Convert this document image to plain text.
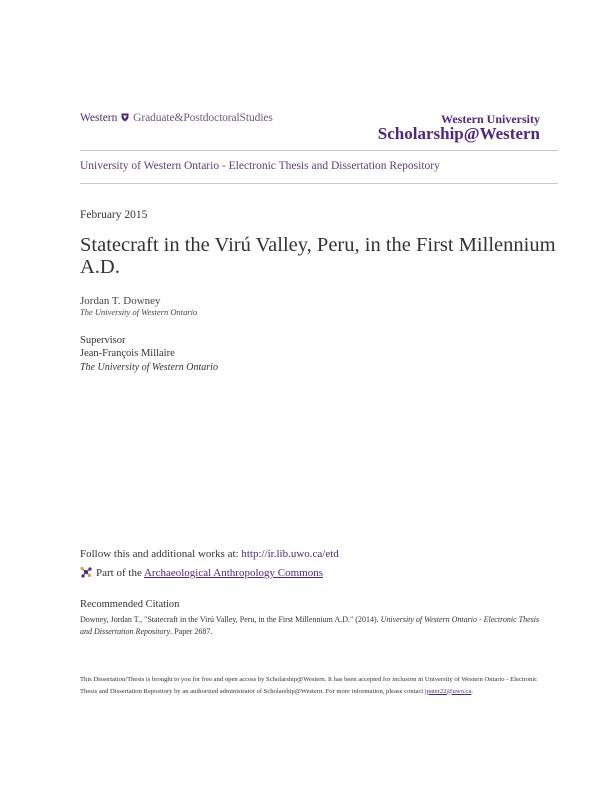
Western Graduate&PostdoctoralStudies	Western University
Scholarship@Western
University of Western Ontario - Electronic Thesis and Dissertation Repository
February 2015
Statecraft in the Virú Valley, Peru, in the First Millennium A.D.
Jordan T. Downey
The University of Western Ontario
Supervisor
Jean-François Millaire
The University of Western Ontario
Follow this and additional works at: http://ir.lib.uwo.ca/etd
Part of the Archaeological Anthropology Commons
Recommended Citation
Downey, Jordan T., "Statecraft in the Virú Valley, Peru, in the First Millennium A.D." (2014). University of Western Ontario - Electronic Thesis and Dissertation Repository. Paper 2687.
This Dissertation/Thesis is brought to you for free and open access by Scholarship@Western. It has been accepted for inclusion in University of Western Ontario - Electronic Thesis and Dissertation Repository by an authorized administrator of Scholarship@Western. For more information, please contact jpater22@uwo.ca.
